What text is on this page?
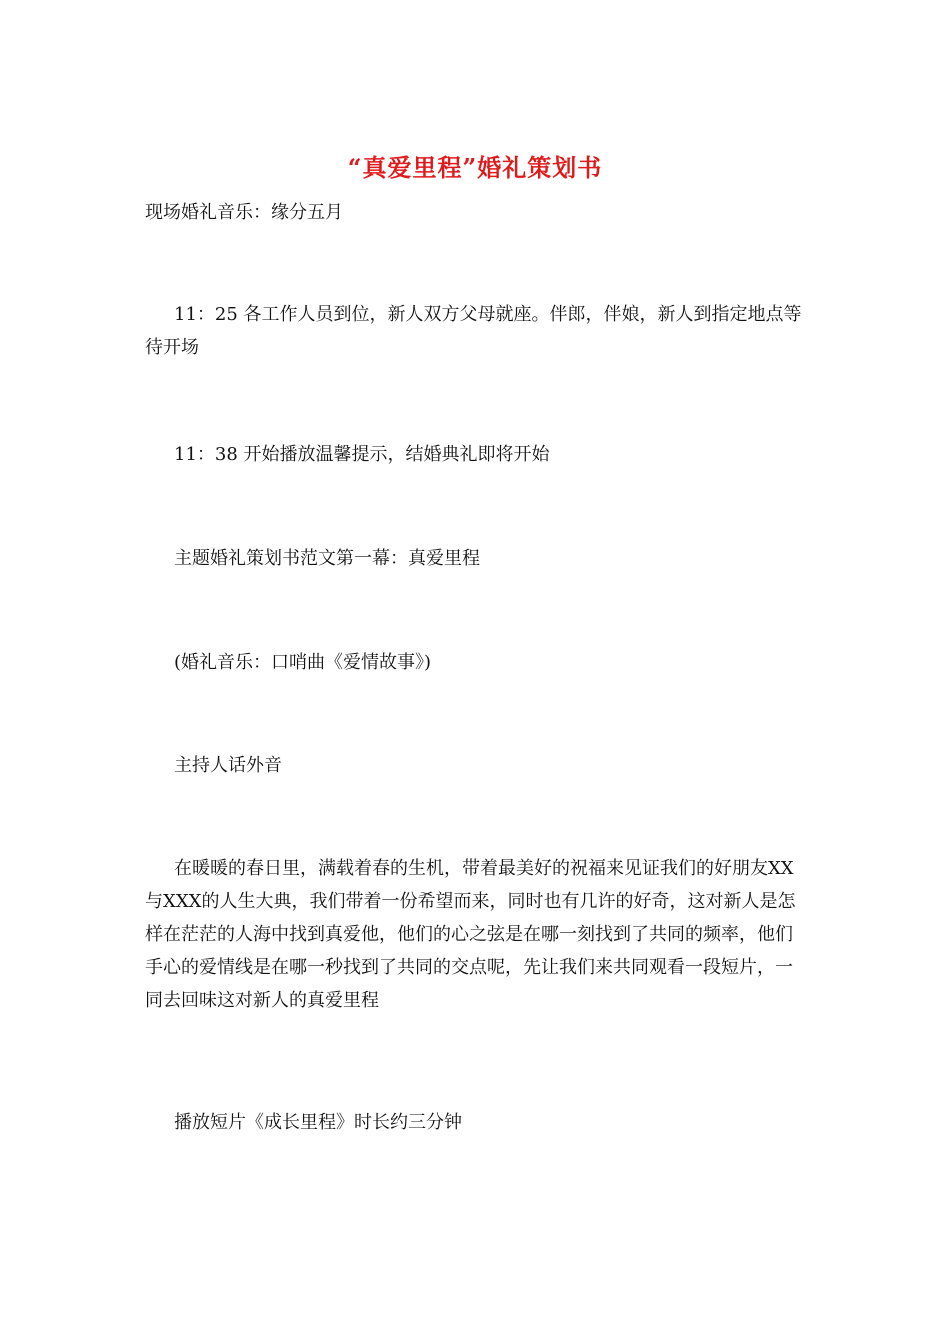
“真爱里程”婚礼策划书

现场婚礼音乐：缘分五月

11：25 各工作人员到位，新人双方父母就座。伴郎，伴娘，新人到指定地点等待开场

11：38 开始播放温馨提示，结婚典礼即将开始

主题婚礼策划书范文第一幕：真爱里程

(婚礼音乐：口哨曲《爱情故事》)

主持人话外音

在暖暖的春日里，满载着春的生机，带着最美好的祝福来见证我们的好朋友XX与XXX的人生大典，我们带着一份希望而来，同时也有几许的好奇，这对新人是怎样在茫茫的人海中找到真爱他，他们的心之弦是在哪一刻找到了共同的频率，他们手心的爱情线是在哪一秒找到了共同的交点呢，先让我们来共同观看一段短片，一同去回味这对新人的真爱里程

播放短片《成长里程》时长约三分钟
